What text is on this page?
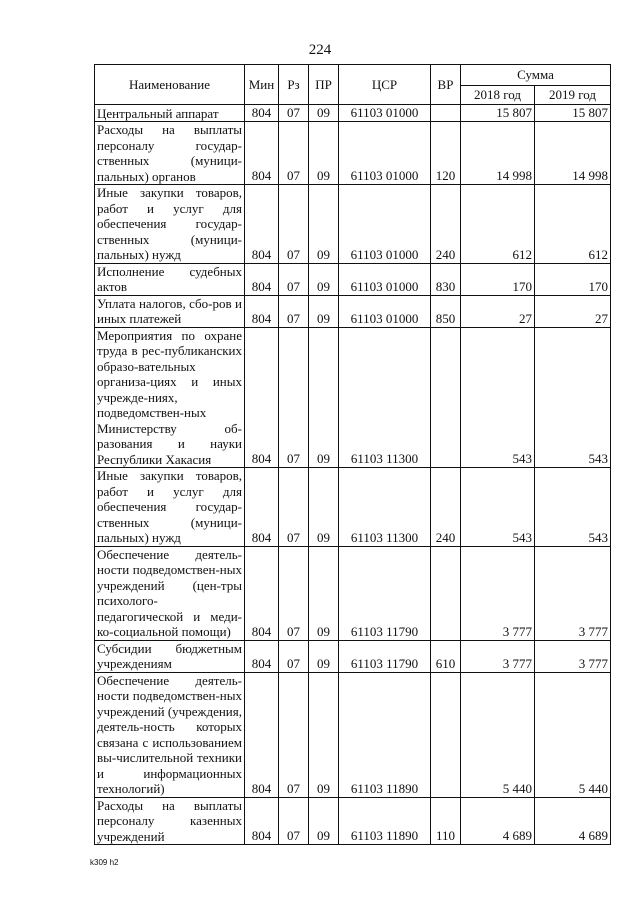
224
Наименование	Мин	Рз	ПР	ЦСР	ВР	Сумма	
						2018 год	2019 год
Центральный аппарат	804	07	09	61103 01000		15 807	15 807
Расходы на выплаты персоналу государ-ственных (муници-пальных) органов	804	07	09	61103 01000	120	14 998	14 998
Иные закупки товаров, работ и услуг для обеспечения государ-ственных (муници-пальных) нужд	804	07	09	61103 01000	240	612	612
Исполнение судебных актов	804	07	09	61103 01000	830	170	170
Уплата налогов, сбо-ров и иных платежей	804	07	09	61103 01000	850	27	27
Мероприятия по охране труда в рес-публиканских образо-вательных организа-циях и иных учрежде-ниях, подведомствен-ных Министерству об-разования и науки Республики Хакасия	804	07	09	61103 11300		543	543
Иные закупки товаров, работ и услуг для обеспечения государ-ственных (муници-пальных) нужд	804	07	09	61103 11300	240	543	543
Обеспечение деятель-ности подведомствен-ных учреждений (цен-тры психолого-педагогической и меди-ко-социальной помощи)	804	07	09	61103 11790		3 777	3 777
Субсидии бюджетным учреждениям	804	07	09	61103 11790	610	3 777	3 777
Обеспечение деятель-ности подведомствен-ных учреждений (учреждения, деятель-ность которых связана с использованием вы-числительной техники и информационных технологий)	804	07	09	61103 11890		5 440	5 440
Расходы на выплаты персоналу казенных учреждений	804	07	09	61103 11890	110	4 689	4 689
k309 h2
